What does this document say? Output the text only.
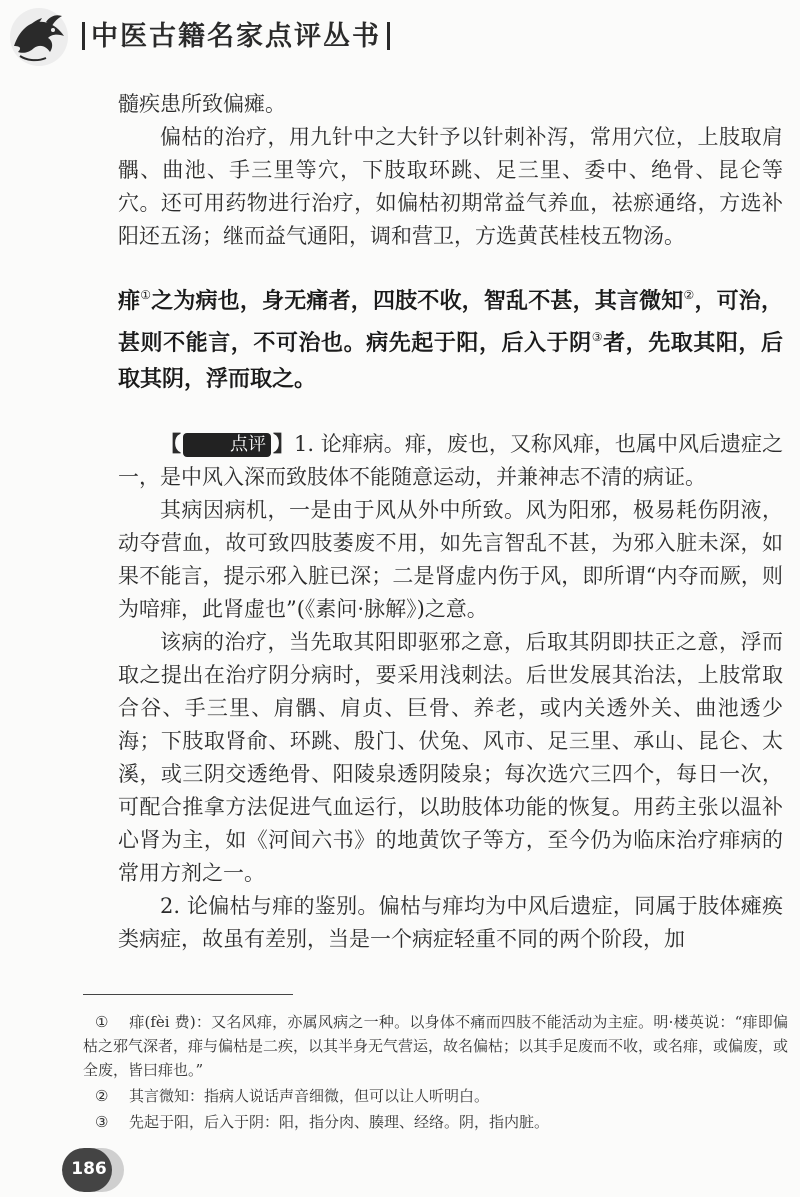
中医古籍名家点评丛书

髓疾患所致偏瘫。

偏枯的治疗，用九针中之大针予以针刺补泻，常用穴位，上肢取肩髃、曲池、手三里等穴，下肢取环跳、足三里、委中、绝骨、昆仑等穴。还可用药物进行治疗，如偏枯初期常益气养血，祛瘀通络，方选补阳还五汤；继而益气通阳，调和营卫，方选黄芪桂枝五物汤。

痱①之为病也，身无痛者，四肢不收，智乱不甚，其言微知②，可治，甚则不能言，不可治也。病先起于阳，后入于阴③者，先取其阳，后取其阴，浮而取之。

【	点评 】1. 论痱病。痱，废也，又称风痱，也属中风后遗症之一，是中风入深而致肢体不能随意运动，并兼神志不清的病证。

其病因病机，一是由于风从外中所致。风为阳邪，极易耗伤阴液，动夺营血，故可致四肢萎废不用，如先言智乱不甚，为邪入脏未深，如果不能言，提示邪入脏已深；二是肾虚内伤于风，即所谓“内夺而厥，则为喑痱，此肾虚也”(《素问·脉解》)之意。

该病的治疗，当先取其阳即驱邪之意，后取其阴即扶正之意，浮而取之提出在治疗阴分病时，要采用浅刺法。后世发展其治法，上肢常取合谷、手三里、肩髃、肩贞、巨骨、养老，或内关透外关、曲池透少海；下肢取肾俞、环跳、殷门、伏兔、风市、足三里、承山、昆仑、太溪，或三阴交透绝骨、阳陵泉透阴陵泉；每次选穴三四个，每日一次，可配合推拿方法促进气血运行，以助肢体功能的恢复。用药主张以温补心肾为主，如《河间六书》的地黄饮子等方，至今仍为临床治疗痱病的常用方剂之一。

2. 论偏枯与痱的鉴别。偏枯与痱均为中风后遗症，同属于肢体瘫痪类病症，故虽有差别，当是一个病症轻重不同的两个阶段，加

① 痱(fèi 费)：又名风痱，亦属风病之一种。以身体不痛而四肢不能活动为主症。明·楼英说：“痱即偏枯之邪气深者，痱与偏枯是二疾，以其半身无气营运，故名偏枯；以其手足废而不收，或名痱，或偏废，或全废，皆曰痱也。”

② 其言微知：指病人说话声音细微，但可以让人听明白。

③ 先起于阳，后入于阴：阳，指分肉、腠理、经络。阴，指内脏。

186
